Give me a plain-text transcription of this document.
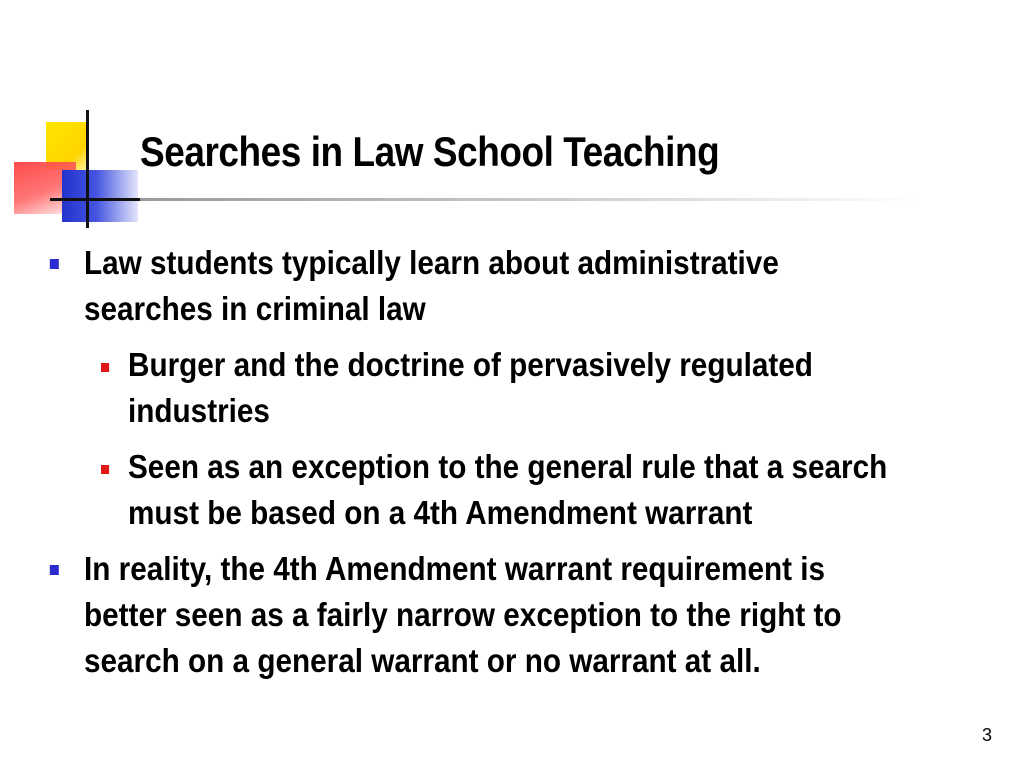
Searches in Law School Teaching
Law students typically learn about administrative
searches in criminal law
Burger and the doctrine of pervasively regulated
industries
Seen as an exception to the general rule that a search
must be based on a 4th Amendment warrant
In reality, the 4th Amendment warrant requirement is
better seen as a fairly narrow exception to the right to
search on a general warrant or no warrant at all.
3
